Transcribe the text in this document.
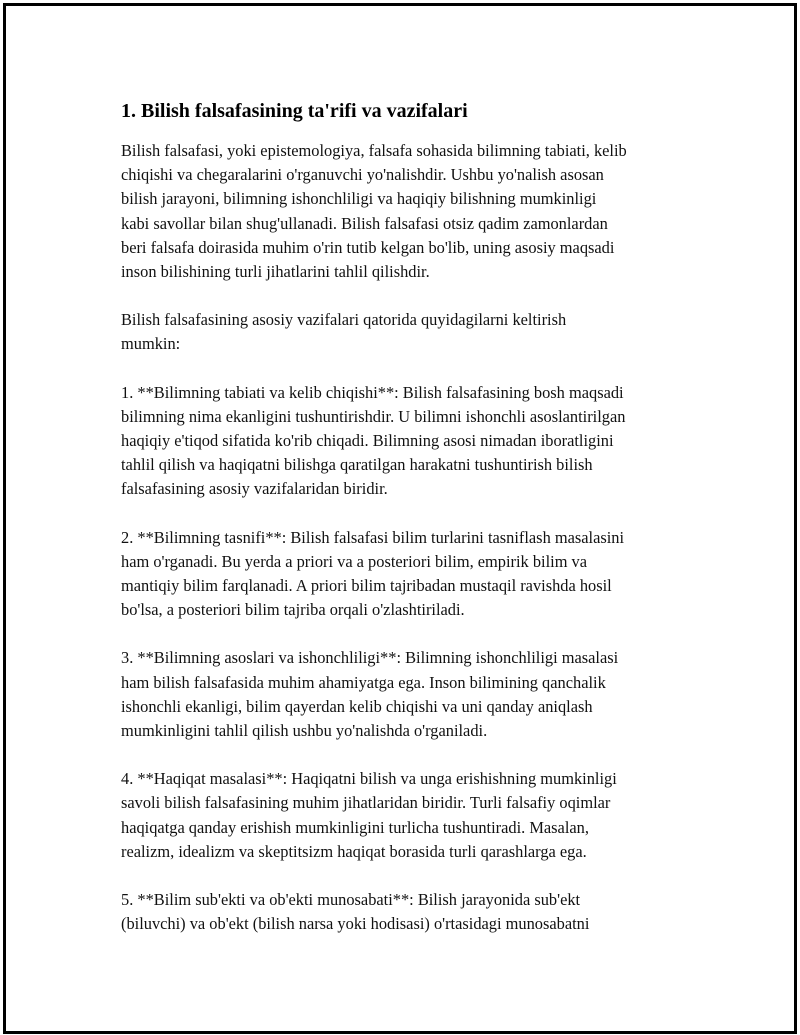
1. Bilish falsafasining ta'rifi va vazifalari

Bilish falsafasi, yoki epistemologiya, falsafa sohasida bilimning tabiati, kelib
chiqishi va chegaralarini o'rganuvchi yo'nalishdir. Ushbu yo'nalish asosan
bilish jarayoni, bilimning ishonchliligi va haqiqiy bilishning mumkinligi
kabi savollar bilan shug'ullanadi. Bilish falsafasi otsiz qadim zamonlardan
beri falsafa doirasida muhim o'rin tutib kelgan bo'lib, uning asosiy maqsadi
inson bilishining turli jihatlarini tahlil qilishdir.

Bilish falsafasining asosiy vazifalari qatorida quyidagilarni keltirish
mumkin:

1. **Bilimning tabiati va kelib chiqishi**: Bilish falsafasining bosh maqsadi
bilimning nima ekanligini tushuntirishdir. U bilimni ishonchli asoslantirilgan
haqiqiy e'tiqod sifatida ko'rib chiqadi. Bilimning asosi nimadan iboratligini
tahlil qilish va haqiqatni bilishga qaratilgan harakatni tushuntirish bilish
falsafasining asosiy vazifalaridan biridir.

2. **Bilimning tasnifi**: Bilish falsafasi bilim turlarini tasniflash masalasini
ham o'rganadi. Bu yerda a priori va a posteriori bilim, empirik bilim va
mantiqiy bilim farqlanadi. A priori bilim tajribadan mustaqil ravishda hosil
bo'lsa, a posteriori bilim tajriba orqali o'zlashtiriladi.

3. **Bilimning asoslari va ishonchliligi**: Bilimning ishonchliligi masalasi
ham bilish falsafasida muhim ahamiyatga ega. Inson bilimining qanchalik
ishonchli ekanligi, bilim qayerdan kelib chiqishi va uni qanday aniqlash
mumkinligini tahlil qilish ushbu yo'nalishda o'rganiladi.

4. **Haqiqat masalasi**: Haqiqatni bilish va unga erishishning mumkinligi
savoli bilish falsafasining muhim jihatlaridan biridir. Turli falsafiy oqimlar
haqiqatga qanday erishish mumkinligini turlicha tushuntiradi. Masalan,
realizm, idealizm va skeptitsizm haqiqat borasida turli qarashlarga ega.

5. **Bilim sub'ekti va ob'ekti munosabati**: Bilish jarayonida sub'ekt
(biluvchi) va ob'ekt (bilish narsa yoki hodisasi) o'rtasidagi munosabatni
